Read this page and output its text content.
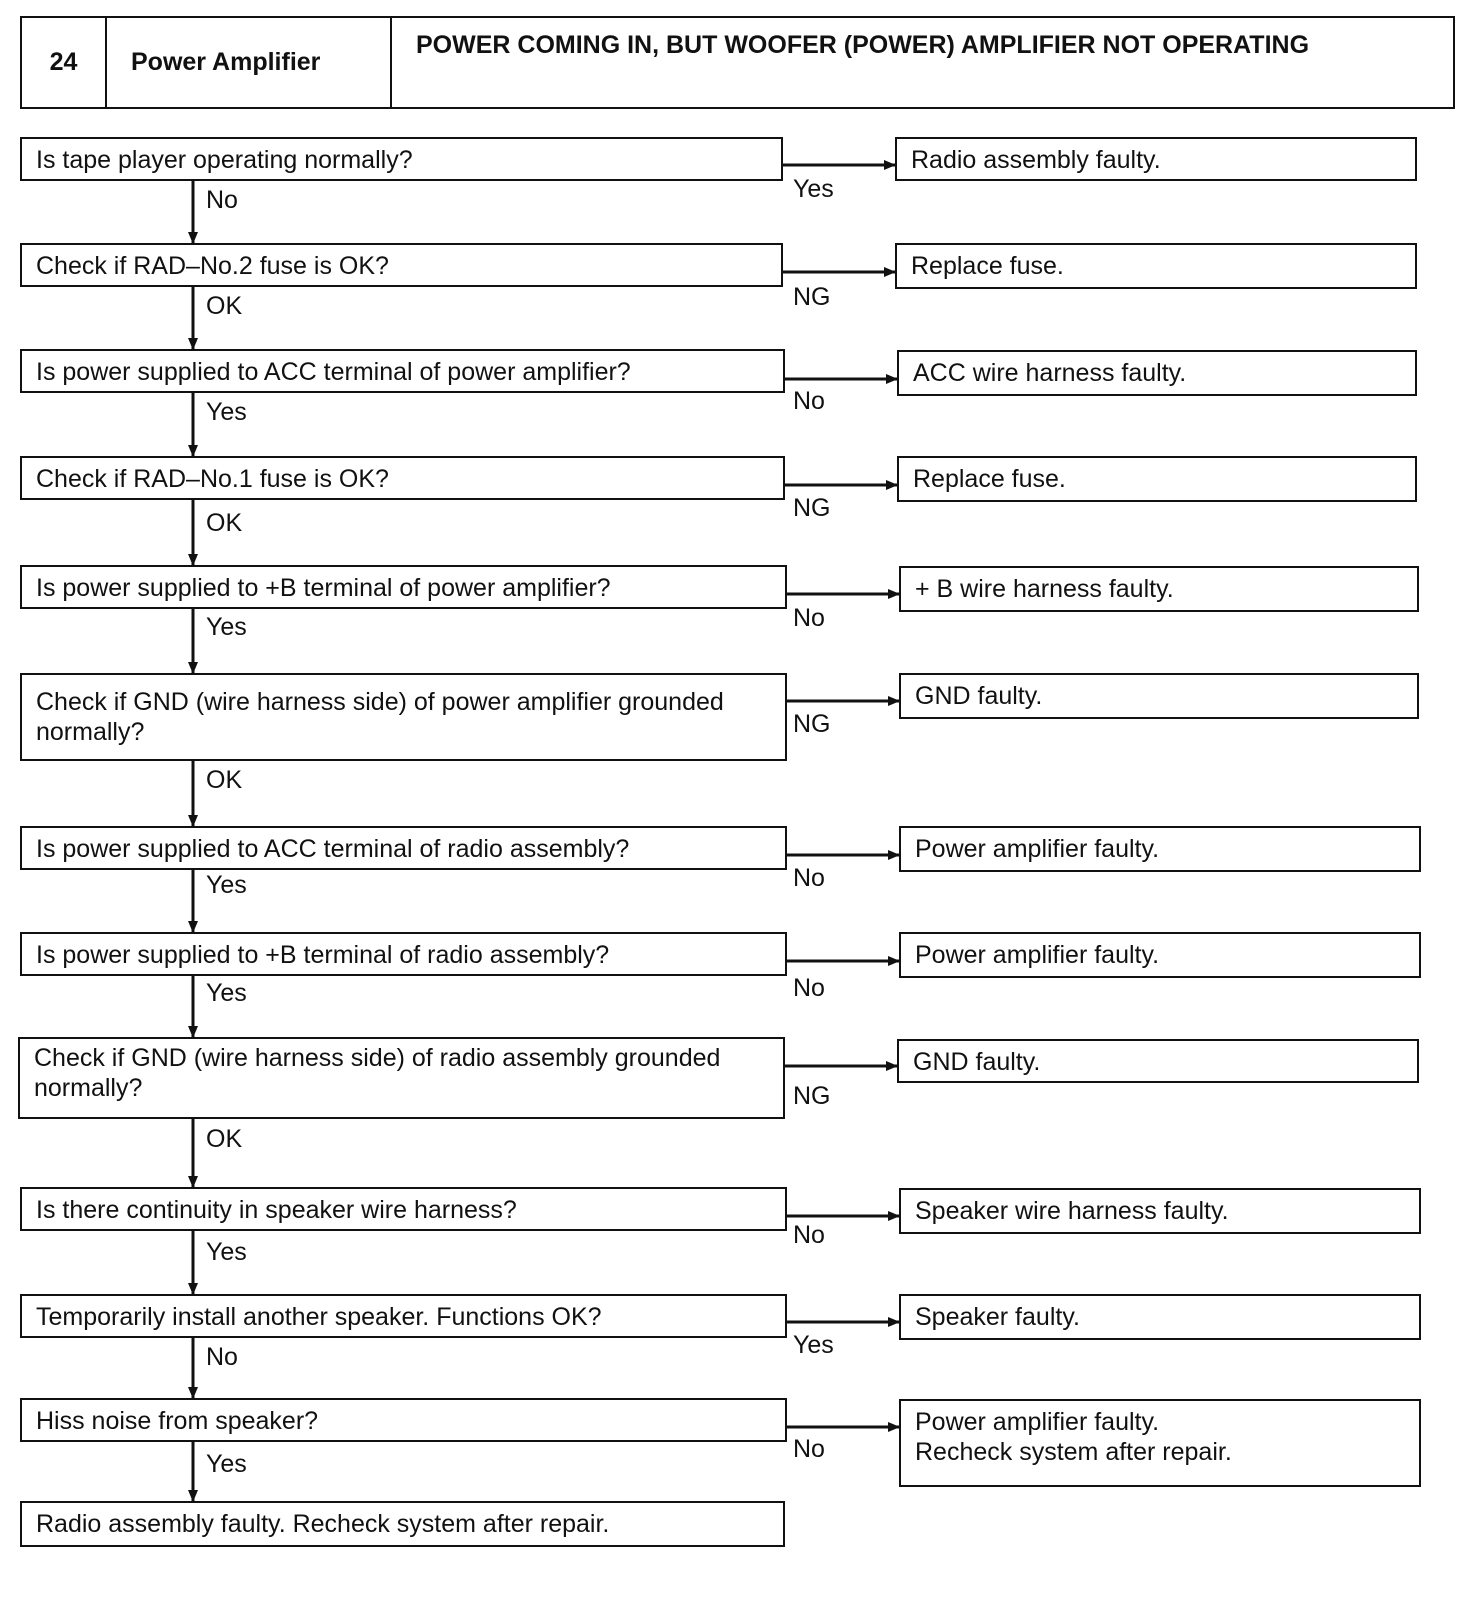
24	Power Amplifier
POWER COMING IN, BUT WOOFER (POWER) AMPLIFIER NOT OPERATING
Is tape player operating normally?
No	Yes
Radio assembly faulty.
Check if RAD–No.2 fuse is OK?
OK	NG
Replace fuse.
Is power supplied to ACC terminal of power amplifier?
Yes	No
ACC wire harness faulty.
Check if RAD–No.1 fuse is OK?
OK
NG
Replace fuse.
Is power supplied to +B terminal of power amplifier?
Yes	No
+ B wire harness faulty.
Check if GND (wire harness side) of power amplifier grounded normally?
OK
NG
GND faulty.
Is power supplied to ACC terminal of radio assembly?
Yes	No
Power amplifier faulty.
Is power supplied to +B terminal of radio assembly?
Yes	No
Power amplifier faulty.
Check if GND (wire harness side) of radio assembly grounded normally?
OK
NG
GND faulty.
Is there continuity in speaker wire harness?
Yes
No
Speaker wire harness faulty.
Temporarily install another speaker. Functions OK?
No	Yes
Speaker faulty.
Hiss noise from speaker?
Yes
No
Power amplifier faulty.
Recheck system after repair.
Radio assembly faulty. Recheck system after repair.
